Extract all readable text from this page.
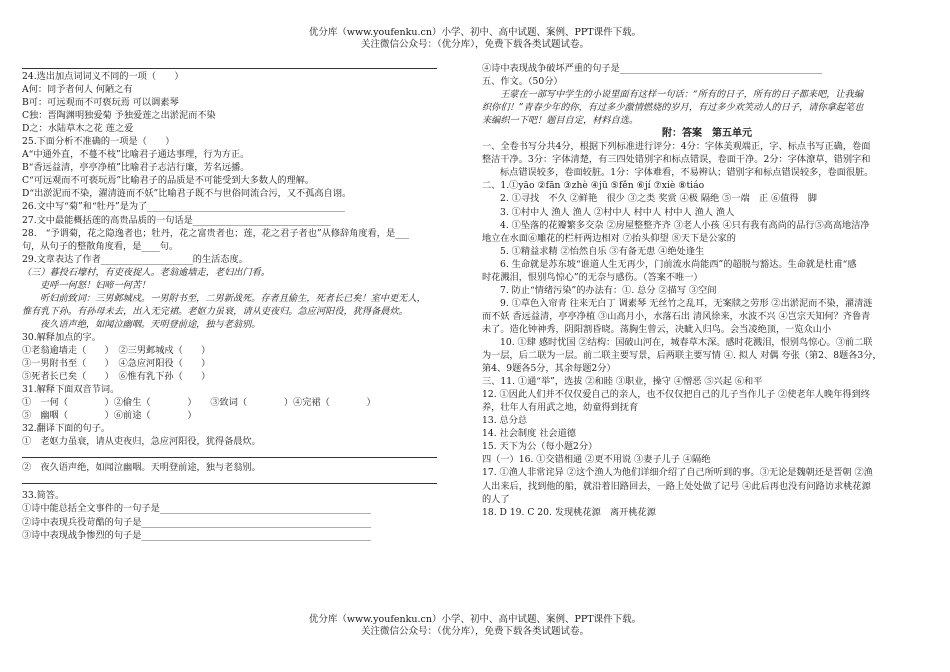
优分库（www.youfenku.cn）小学、初中、高中试题、案例、PPT课件下载。
关注微信公众号：（优分库），免费下载各类试题试卷。

24.选出加点词词义不同的一项（　　）

A何：同予者何人 何陋之有

B可：可远观而不可亵玩焉 可以调素琴

C独：晋陶渊明独爱菊 予独爱莲之出淤泥而不染

D之：水陆草木之花 莲之爱

25.下面分析不准确的一项是（　　）

A“中通外直，不蔓不枝”比喻君子通达事理，行为方正。

B“香远益清，亭亭净植”比喻君子志洁行廉，芳名远播。

C“可远观而不可亵玩焉”比喻君子的品质是不可能受到大多数人的理解。

D“出淤泥而不染，濯清涟而不妖”比喻君子既不与世俗同流合污，又不孤高自诩。

26.文中写“菊”和“牡丹”是为了___________________________________________

27.文中最能概括莲的高贵品质的一句话是______________________________

28.　“予谓菊，花之隐逸者也；牡丹，花之富贵者也；莲，花之君子者也”从修辞角度看，是___

句，从句子的整散角度看，是____句。

29.文章表达了作者____________________的生活态度。

（三）暮投石壕村，有吏夜捉人。老翁逾墙走，老妇出门看。

吏呼一何怒！妇啼一何苦！

听妇前致词：三男邺城戍。一男附书至，二男新战死。存者且偷生，死者长已矣！室中更无人，

惟有乳下孙。有孙母未去，出入无完裙。老妪力虽衰，请从吏夜归。急应河阳役，犹得备晨炊。

夜久语声绝，如闻泣幽咽。天明登前途，独与老翁别。

30.解释加点的字。

①老翁逾墙走（　　）　②三男邺城戍（　　）

③一男附书至（　　）　④急应河阳役（　　）

⑤死者长已矣（　　）　⑥惟有乳下孙（　　）

31.解释下面双音节词。

①　一何（　　　　）②偷生（　　　　）　　③致词（　　　　）④完裙（　　　　）

⑤　幽咽（　　　　）⑥前途（　　　　）

32.翻译下面的句子。

①　老妪力虽衰，请从吏夜归，急应河阳役，犹得备晨炊。

②　夜久语声绝，如闻泣幽咽。天明登前途，独与老翁别。

33.简答。

①诗中能总括全文事件的一句子是______________________________________________

②诗中表现兵役苛酷的句子是__________________________________________________

③诗中表现战争惨烈的句子是__________________________________________________

④诗中表现战争破坏严重的句子是____________________________________________

五、作文。（50分）

王蒙在一部写中学生的小说里面有这样一句话：“所有的日子，所有的日子都来吧，让我编

织你们！”青春少年的你，有过多少激情燃烧的岁月，有过多少欢笑动人的日子，请你拿起笔也

来编织一下吧！题目自定，材料自选。

附：答案　第五单元

一、全卷书写分共4分，根据下列标准进行评分：4分：字体美观端正，字、标点书写正确，卷面

整洁干净。3分：字体清楚，有三四处错别字和标点错误，卷面干净。2分：字体潦草，错别字和

标点错误较多，卷面较脏。1分：字体难看，不易辨认；错别字和标点错误较多，卷面很脏。

二、1.①yāo ②fān ③zhè ④jū ⑤fěn ⑥jí ⑦xiè ⑧tiáo

2. ①寻找　不久 ②鲜艳　很少 ③之类 奖赏 ④极 隔绝 ⑤一端　正 ⑥值得　脚

3. ①村中人 渔人 渔人 ②村中人 村中人 村中人 渔人 渔人

4. ①坠落的花瓣繁多交杂 ②房屋整整齐齐 ③老人小孩 ④只有我有高尚的品行⑤高高地洁净

地立在水面⑥雕花的栏杆两边相对 ⑦抬头仰望 ⑧天下是公家的

5. ①精益求精 ②怡然自乐 ③有备无患 ④绝处逢生

6. 生命就是苏东坡“谁道人生无再少，门前流水尚能西”的超脱与豁达。生命就是杜甫“感

时花溅泪，恨别鸟惊心”的无奈与感伤。（答案不唯一）

7. 防止“情绪污染”的办法有：①. 总分 ②描写 ③空间

9. ①草色入帘青 往来无白丁 调素琴 无丝竹之乱耳，无案牍之劳形 ②出淤泥而不染，濯清涟

而不妖 香远益清，亭亭净植 ③山高月小，水落石出 清风徐来，水波不兴 ④岂宗天知何？齐鲁青

未了。造化钟神秀，阴阳割昏晓。荡胸生曾云，决眦入归鸟。会当凌绝顶，一览众山小

10. ①肆 感时忧国 ②结构：国破山河在，城春草木深。感时花溅泪，恨别鸟惊心。③前二联

为一层，后二联为一层。前二联主要写景，后两联主要写情 ④. 拟人 对偶 夸张（第2、8题各3分，

第4、9题各5分，其余每题2分）

三、11. ①通“举”，选拔 ②和睦 ③职业，操守 ④憎恶 ⑤兴起 ⑥和平

12. ①因此人们并不仅仅爱自己的亲人，也不仅仅把自己的儿子当作儿子 ②使老年人晚年得到终

养，壮年人有用武之地，幼童得到抚育

13. 总分总

14. 社会制度 社会道德

15. 天下为公（每小题2分）

四（一）16. ①交错相通 ②更不用说 ③妻子儿子 ④隔绝

17. ①渔人非常诧异 ②这个渔人为他们详细介绍了自己所听到的事。③无论是魏朝还是晋朝 ②渔

人出来后，找到他的船，就沿着旧路回去，一路上处处做了记号 ④此后再也没有问路访求桃花源

的人了

18. D 19. C 20. 发现桃花源　离开桃花源

优分库（www.youfenku.cn）小学、初中、高中试题、案例、PPT课件下载。
关注微信公众号：（优分库），免费下载各类试题试卷。
